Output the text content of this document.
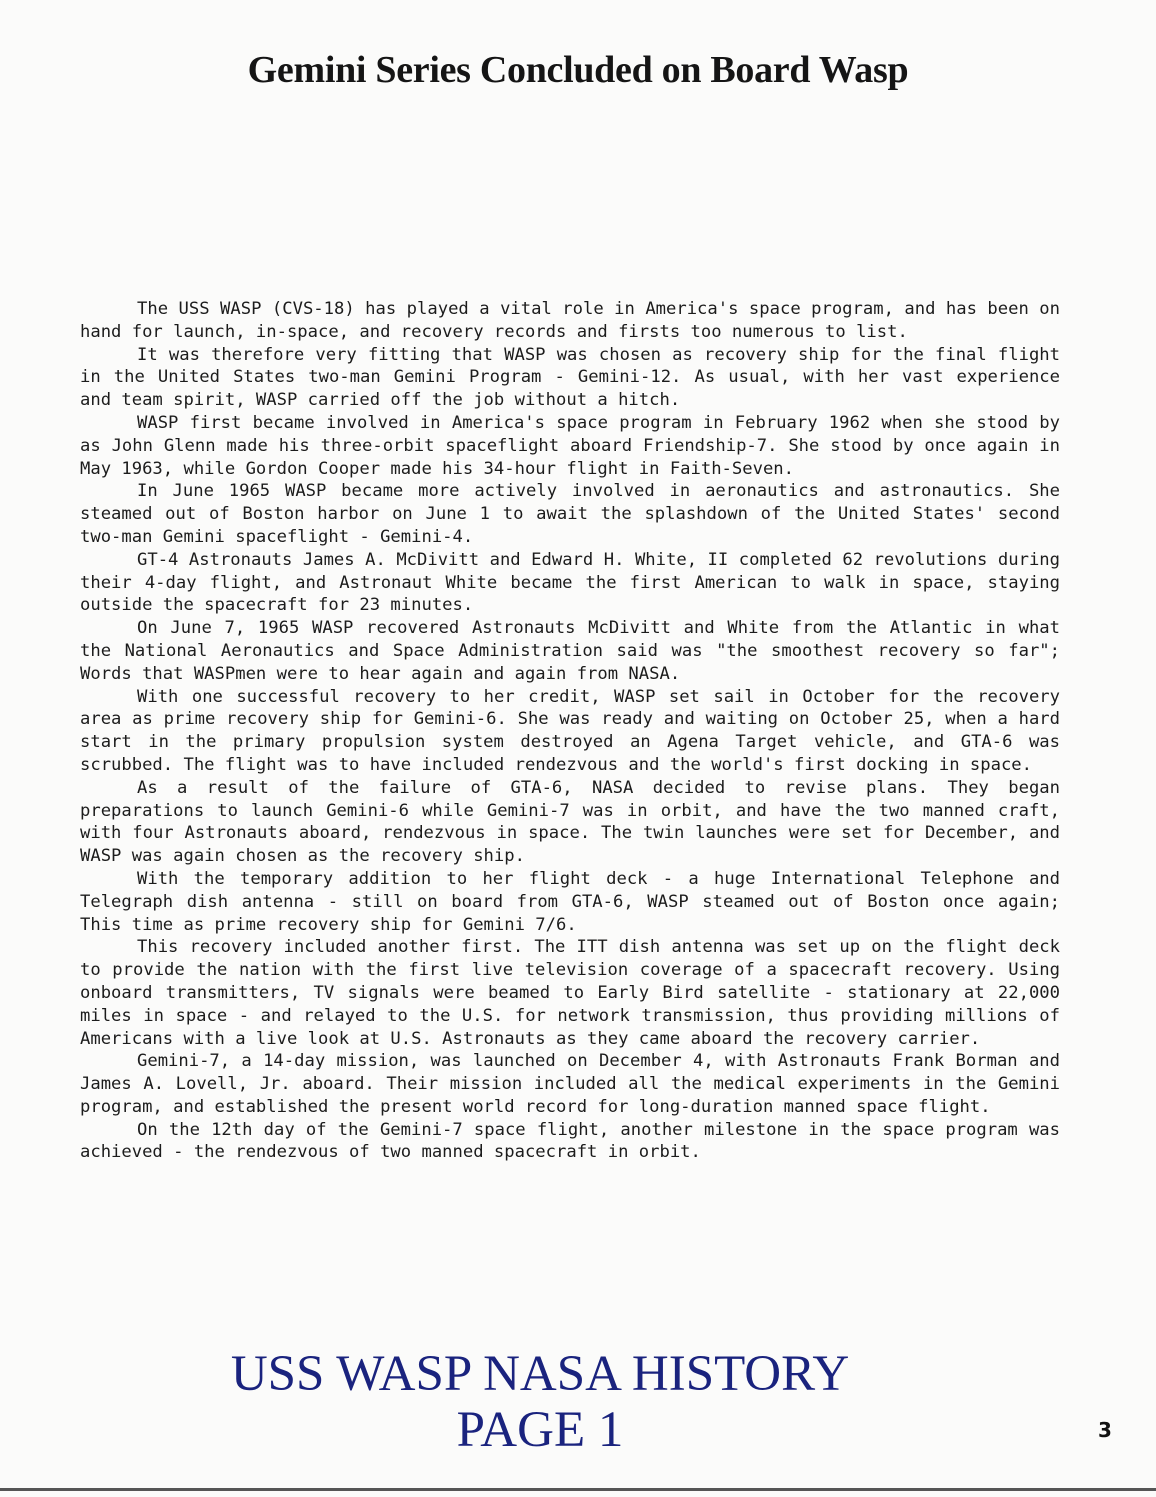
Gemini Series Concluded on Board Wasp

The USS WASP (CVS-18) has played a vital role in America's space program, and has been on hand for launch, in-space, and recovery records and firsts too numerous to list.

It was therefore very fitting that WASP was chosen as recovery ship for the final flight in the United States two-man Gemini Program - Gemini-12. As usual, with her vast experience and team spirit, WASP carried off the job without a hitch.

WASP first became involved in America's space program in February 1962 when she stood by as John Glenn made his three-orbit spaceflight aboard Friendship-7. She stood by once again in May 1963, while Gordon Cooper made his 34-hour flight in Faith-Seven.

In June 1965 WASP became more actively involved in aeronautics and astronautics. She steamed out of Boston harbor on June 1 to await the splashdown of the United States' second two-man Gemini spaceflight - Gemini-4.

GT-4 Astronauts James A. McDivitt and Edward H. White, II completed 62 revolutions during their 4-day flight, and Astronaut White became the first American to walk in space, staying outside the spacecraft for 23 minutes.

On June 7, 1965 WASP recovered Astronauts McDivitt and White from the Atlantic in what the National Aeronautics and Space Administration said was "the smoothest recovery so far"; Words that WASPmen were to hear again and again from NASA.

With one successful recovery to her credit, WASP set sail in October for the recovery area as prime recovery ship for Gemini-6. She was ready and waiting on October 25, when a hard start in the primary propulsion system destroyed an Agena Target vehicle, and GTA-6 was scrubbed. The flight was to have included rendezvous and the world's first docking in space.

As a result of the failure of GTA-6, NASA decided to revise plans. They began preparations to launch Gemini-6 while Gemini-7 was in orbit, and have the two manned craft, with four Astronauts aboard, rendezvous in space. The twin launches were set for December, and WASP was again chosen as the recovery ship.

With the temporary addition to her flight deck - a huge International Telephone and Telegraph dish antenna - still on board from GTA-6, WASP steamed out of Boston once again; This time as prime recovery ship for Gemini 7/6.

This recovery included another first. The ITT dish antenna was set up on the flight deck to provide the nation with the first live television coverage of a spacecraft recovery. Using onboard transmitters, TV signals were beamed to Early Bird satellite - stationary at 22,000 miles in space - and relayed to the U.S. for network transmission, thus providing millions of Americans with a live look at U.S. Astronauts as they came aboard the recovery carrier.

Gemini-7, a 14-day mission, was launched on December 4, with Astronauts Frank Borman and James A. Lovell, Jr. aboard. Their mission included all the medical experiments in the Gemini program, and established the present world record for long-duration manned space flight.

On the 12th day of the Gemini-7 space flight, another milestone in the space program was achieved - the rendezvous of two manned spacecraft in orbit.

USS WASP NASA HISTORY
PAGE 1	3
